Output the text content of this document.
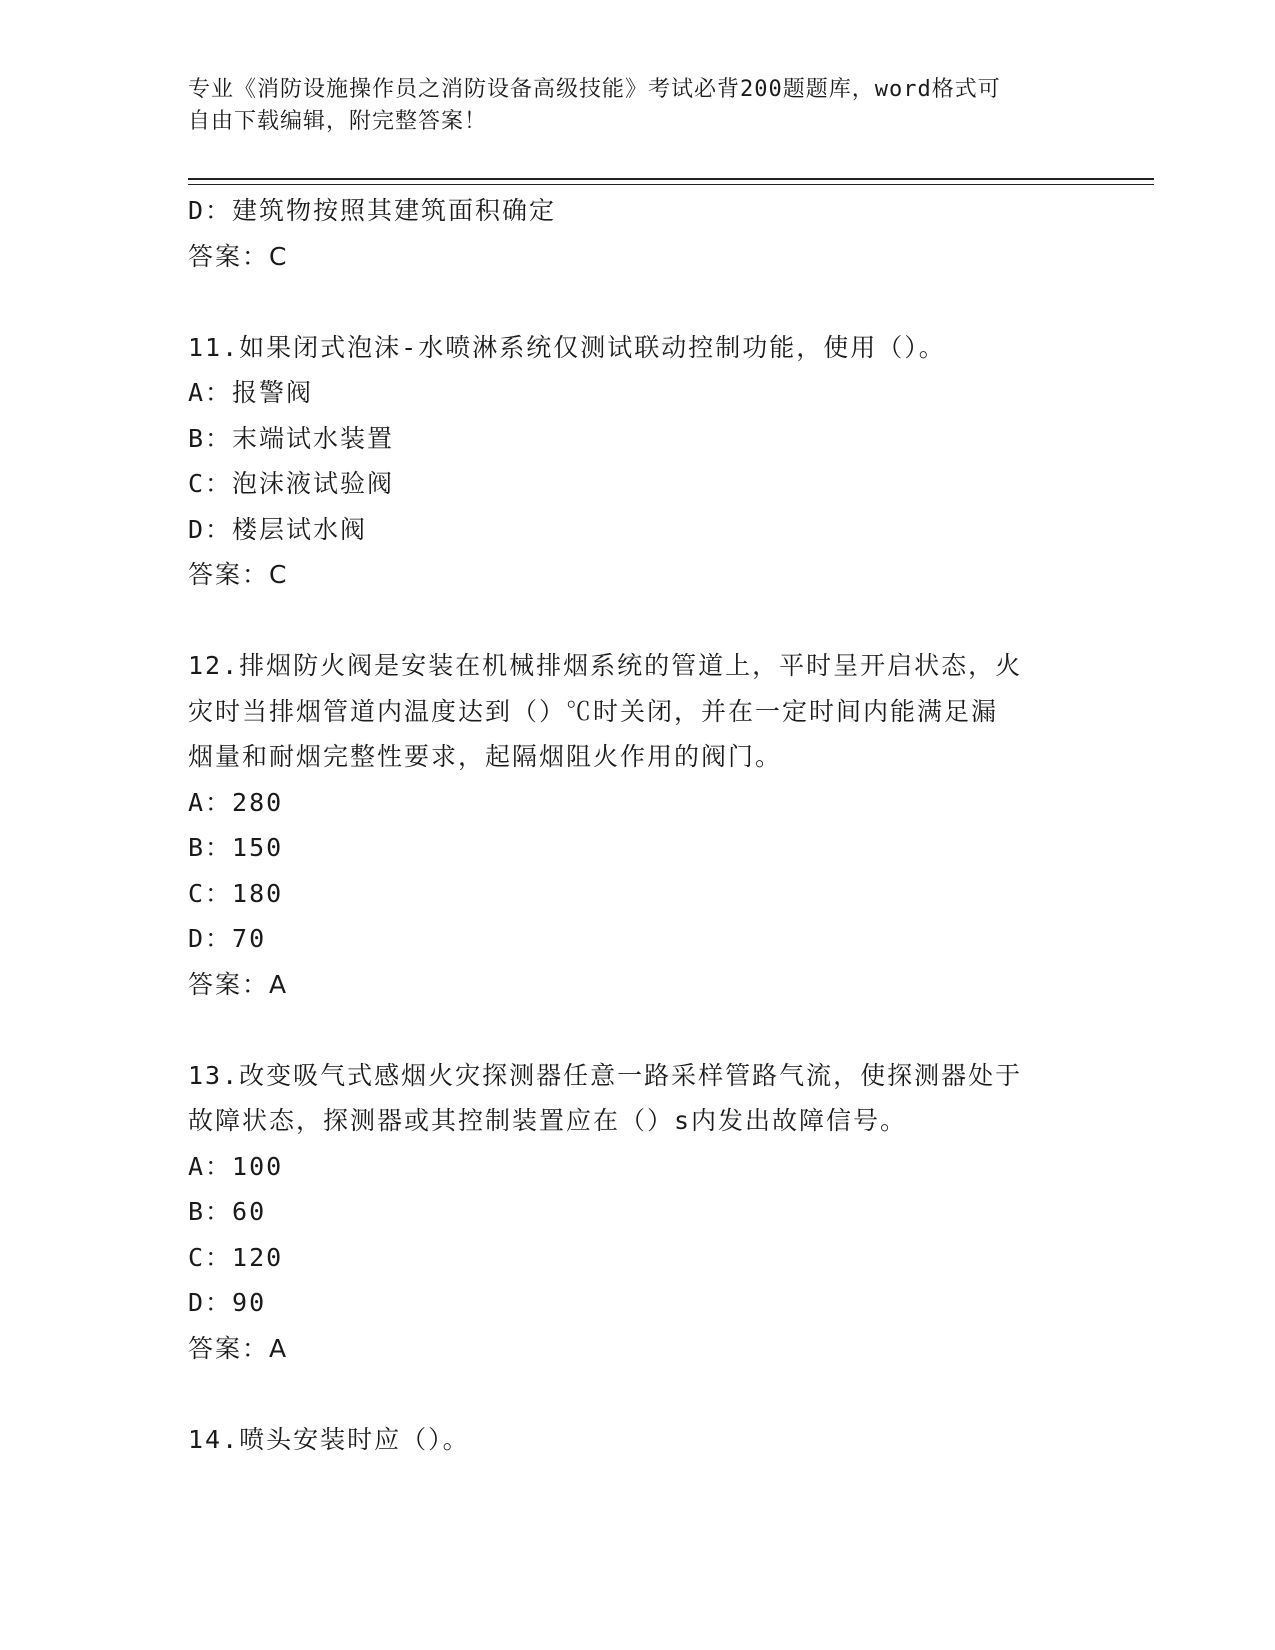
专业《消防设施操作员之消防设备高级技能》考试必背200题题库，word格式可
自由下载编辑，附完整答案！
D：建筑物按照其建筑面积确定
答案：C
11.如果闭式泡沫-水喷淋系统仅测试联动控制功能，使用（）。
A：报警阀
B：末端试水装置
C：泡沫液试验阀
D：楼层试水阀
答案：C
12.排烟防火阀是安装在机械排烟系统的管道上，平时呈开启状态，火
灾时当排烟管道内温度达到（）℃时关闭，并在一定时间内能满足漏
烟量和耐烟完整性要求，起隔烟阻火作用的阀门。
A：280
B：150
C：180
D：70
答案：A
13.改变吸气式感烟火灾探测器任意一路采样管路气流，使探测器处于
故障状态，探测器或其控制装置应在（）s内发出故障信号。
A：100
B：60
C：120
D：90
答案：A
14.喷头安装时应（）。
